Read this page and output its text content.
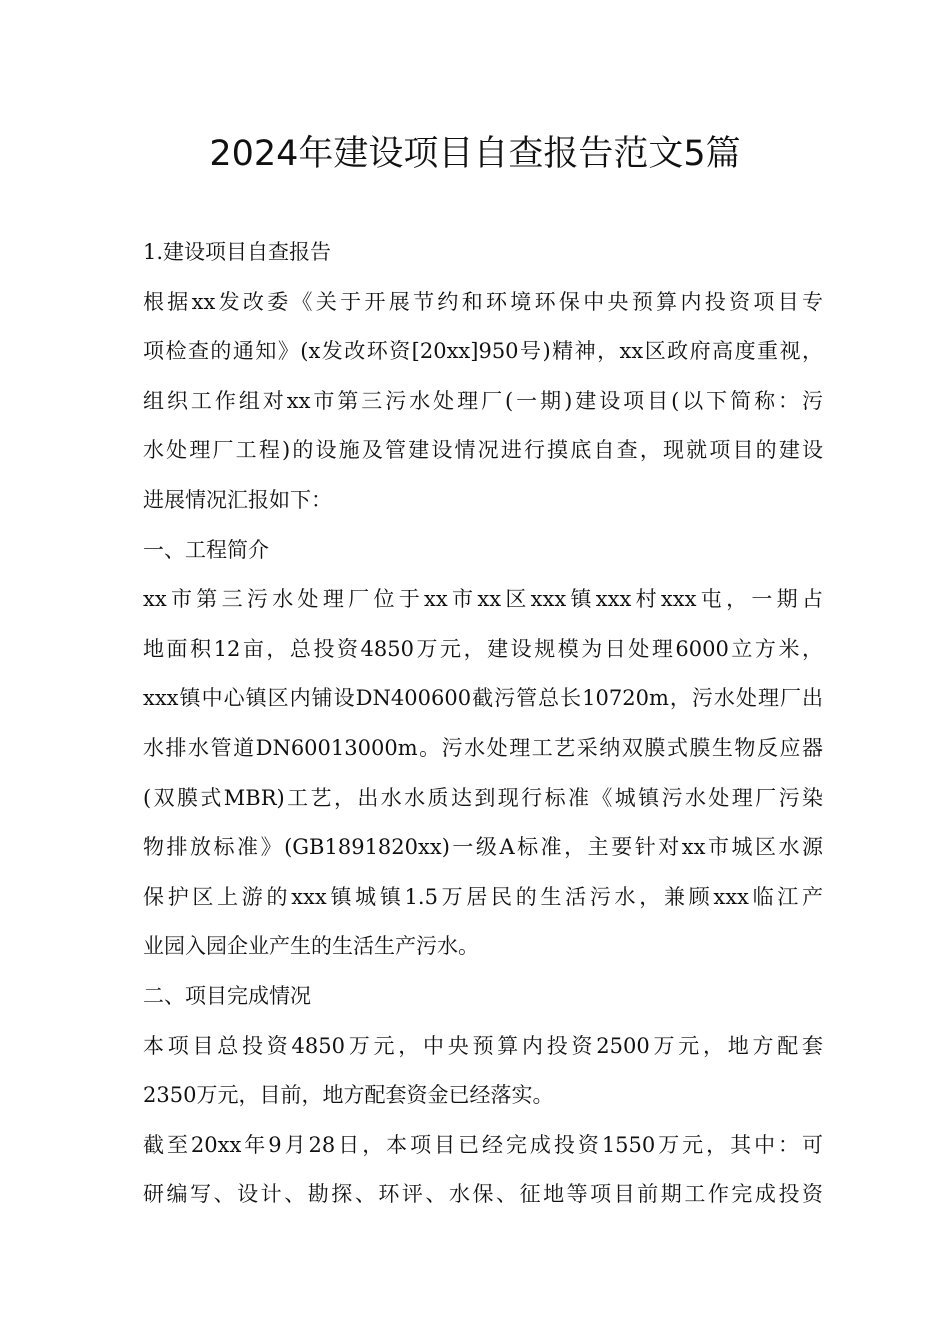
2024年建设项目自查报告范文5篇
1.建设项目自查报告
根据xx发改委《关于开展节约和环境环保中央预算内投资项目专
项检查的通知》(x发改环资[20xx]950号)精神，xx区政府高度重视，
组织工作组对xx市第三污水处理厂(一期)建设项目(以下简称：污
水处理厂工程)的设施及管建设情况进行摸底自查，现就项目的建设
进展情况汇报如下：
一、工程简介
xx市第三污水处理厂位于xx市xx区xxx镇xxx村xxx屯，一期占
地面积12亩，总投资4850万元，建设规模为日处理6000立方米，
xxx镇中心镇区内铺设DN400600截污管总长10720m，污水处理厂出
水排水管道DN60013000m。污水处理工艺采纳双膜式膜生物反应器
(双膜式MBR)工艺，出水水质达到现行标准《城镇污水处理厂污染
物排放标准》(GB1891820xx)一级A标准，主要针对xx市城区水源
保护区上游的xxx镇城镇1.5万居民的生活污水，兼顾xxx临江产
业园入园企业产生的生活生产污水。
二、项目完成情况
本项目总投资4850万元，中央预算内投资2500万元，地方配套
2350万元，目前，地方配套资金已经落实。
截至20xx年9月28日，本项目已经完成投资1550万元，其中：可
研编写、设计、勘探、环评、水保、征地等项目前期工作完成投资
